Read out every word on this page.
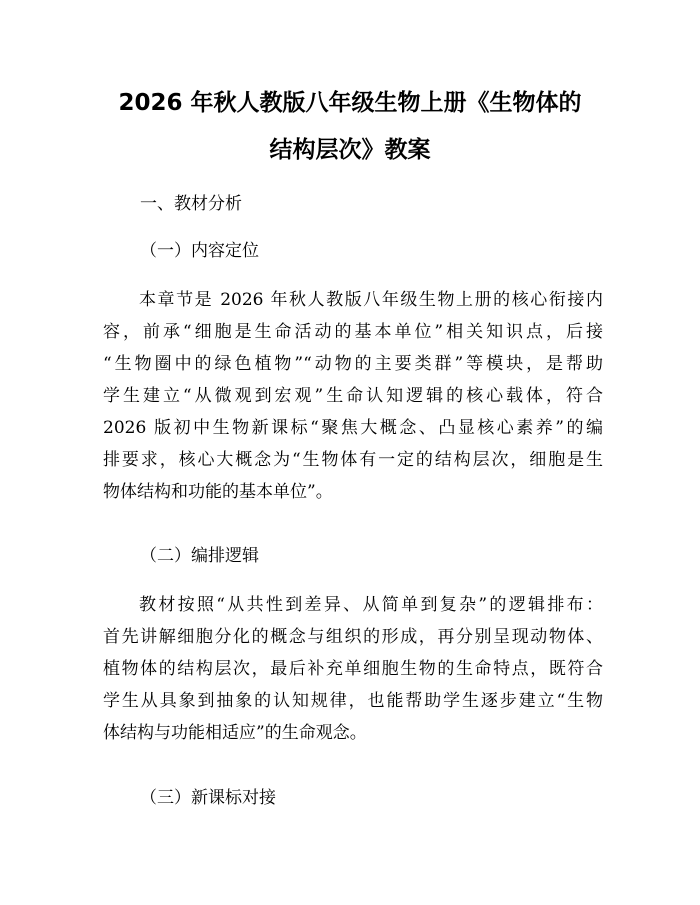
2026 年秋人教版八年级生物上册《生物体的
结构层次》教案

一、教材分析

（一）内容定位

本章节是 2026 年秋人教版八年级生物上册的核心衔接内
容，前承“细胞是生命活动的基本单位”相关知识点，后接
“生物圈中的绿色植物”“动物的主要类群”等模块，是帮助
学生建立“从微观到宏观”生命认知逻辑的核心载体，符合
2026 版初中生物新课标“聚焦大概念、凸显核心素养”的编
排要求，核心大概念为“生物体有一定的结构层次，细胞是生
物体结构和功能的基本单位”。

（二）编排逻辑

教材按照“从共性到差异、从简单到复杂”的逻辑排布：
首先讲解细胞分化的概念与组织的形成，再分别呈现动物体、
植物体的结构层次，最后补充单细胞生物的生命特点，既符合
学生从具象到抽象的认知规律，也能帮助学生逐步建立“生物
体结构与功能相适应”的生命观念。

（三）新课标对接
